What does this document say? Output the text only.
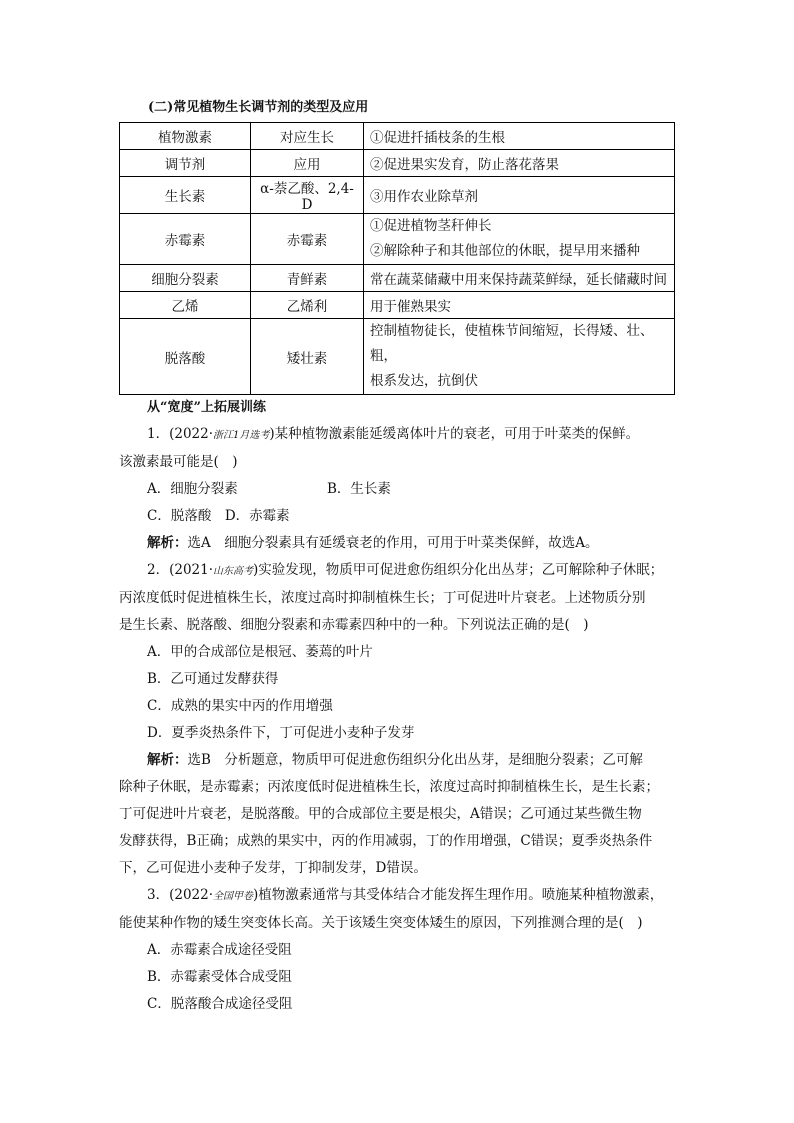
(二)常见植物生长调节剂的类型及应用
植物激素	对应生长	①促进扦插枝条的生根
调节剂	应用	②促进果实发育，防止落花落果
生长素	α-萘乙酸、2,4-D	③用作农业除草剂
赤霉素	赤霉素	①促进植物茎秆伸长
②解除种子和其他部位的休眠，提早用来播种

细胞分裂素	青鲜素	常在蔬菜储藏中用来保持蔬菜鲜绿，延长储藏时间
乙烯	乙烯利	用于催熟果实
脱落酸	矮壮素	控制植物徒长，使植株节间缩短，长得矮、壮、粗，
根系发达，抗倒伏
从“宽度”上拓展训练
1．(2022·浙江1月选考)某种植物激素能延缓离体叶片的衰老，可用于叶菜类的保鲜。
该激素最可能是(　)
A．细胞分裂素	B．生长素
C．脱落酸　D．赤霉素
解析：选A　细胞分裂素具有延缓衰老的作用，可用于叶菜类保鲜，故选A。
2．(2021·山东高考)实验发现，物质甲可促进愈伤组织分化出丛芽；乙可解除种子休眠；
丙浓度低时促进植株生长，浓度过高时抑制植株生长；丁可促进叶片衰老。上述物质分别
是生长素、脱落酸、细胞分裂素和赤霉素四种中的一种。下列说法正确的是(　)
A．甲的合成部位是根冠、萎蔫的叶片
B．乙可通过发酵获得
C．成熟的果实中丙的作用增强
D．夏季炎热条件下，丁可促进小麦种子发芽
解析：选B　分析题意，物质甲可促进愈伤组织分化出丛芽，是细胞分裂素；乙可解
除种子休眠，是赤霉素；丙浓度低时促进植株生长，浓度过高时抑制植株生长，是生长素；
丁可促进叶片衰老，是脱落酸。甲的合成部位主要是根尖，A错误；乙可通过某些微生物
发酵获得，B正确；成熟的果实中，丙的作用减弱，丁的作用增强，C错误；夏季炎热条件
下，乙可促进小麦种子发芽，丁抑制发芽，D错误。
3．(2022·全国甲卷)植物激素通常与其受体结合才能发挥生理作用。喷施某种植物激素，
能使某种作物的矮生突变体长高。关于该矮生突变体矮生的原因，下列推测合理的是(　)
A．赤霉素合成途径受阻
B．赤霉素受体合成受阻
C．脱落酸合成途径受阻
